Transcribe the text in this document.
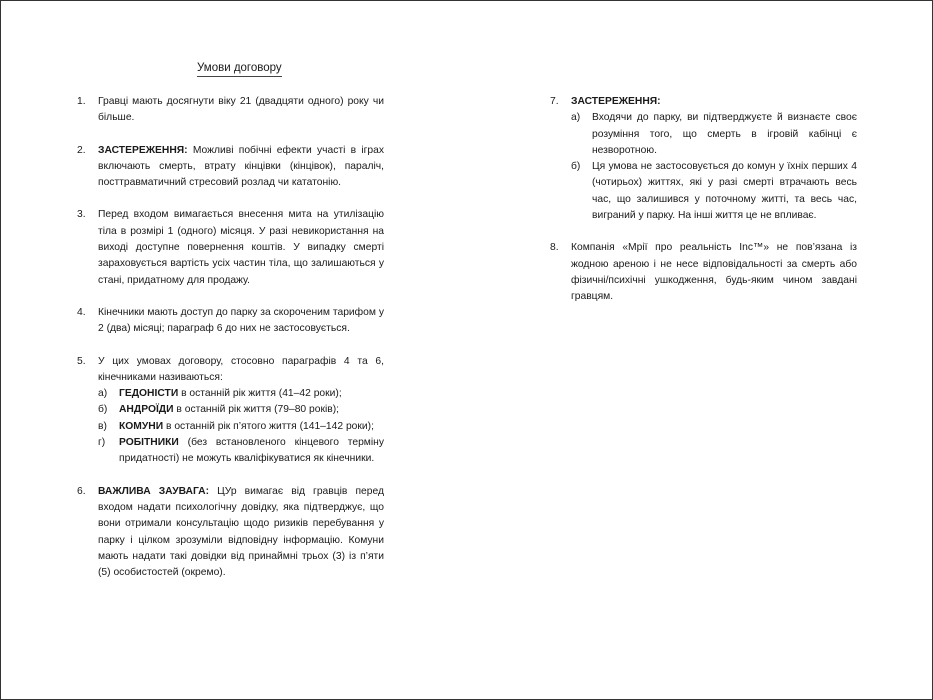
Умови договору
1. Гравці мають досягнути віку 21 (двадцяти одного) року чи більше.
2. ЗАСТЕРЕЖЕННЯ: Можливі побічні ефекти участі в іграх включають смерть, втрату кінцівки (кінцівок), параліч, посттравматичний стресовий розлад чи кататонію.
3. Перед входом вимагається внесення мита на утилізацію тіла в розмірі 1 (одного) місяця. У разі невикористання на виході доступне повернення коштів. У випадку смерті зараховується вартість усіх частин тіла, що залишаються у стані, придатному для продажу.
4. Кінечники мають доступ до парку за скороченим тарифом у 2 (два) місяці; параграф 6 до них не застосовується.
5. У цих умовах договору, стосовно параграфів 4 та 6, кінечниками називаються:
а) ГЕДОНІСТИ в останній рік життя (41–42 роки);
б) АНДРОЇДИ в останній рік життя (79–80 років);
в) КОМУНИ в останній рік п’ятого життя (141–142 роки);
г) РОБІТНИКИ (без встановленого кінцевого терміну придатності) не можуть кваліфікуватися як кінечники.
6. ВАЖЛИВА ЗАУВАГА: ЦУр вимагає від гравців перед входом надати психологічну довідку, яка підтверджує, що вони отримали консультацію щодо ризиків перебування у парку і цілком зрозуміли відповідну інформацію. Комуни мають надати такі довідки від принаймні трьох (3) із п’яти (5) особистостей (окремо).
7. ЗАСТЕРЕЖЕННЯ:
а) Входячи до парку, ви підтверджуєте й визнаєте своє розуміння того, що смерть в ігровій кабінці є незворотною.
б) Ця умова не застосовується до комун у їхніх перших 4 (чотирьох) життях, які у разі смерті втрачають весь час, що залишився у поточному житті, та весь час, виграний у парку. На інші життя це не впливає.
8. Компанія «Мрії про реальність Inc™» не пов’язана із жодною ареною і не несе відповідальності за смерть або фізичні/психічні ушкодження, будь-яким чином завдані гравцям.
